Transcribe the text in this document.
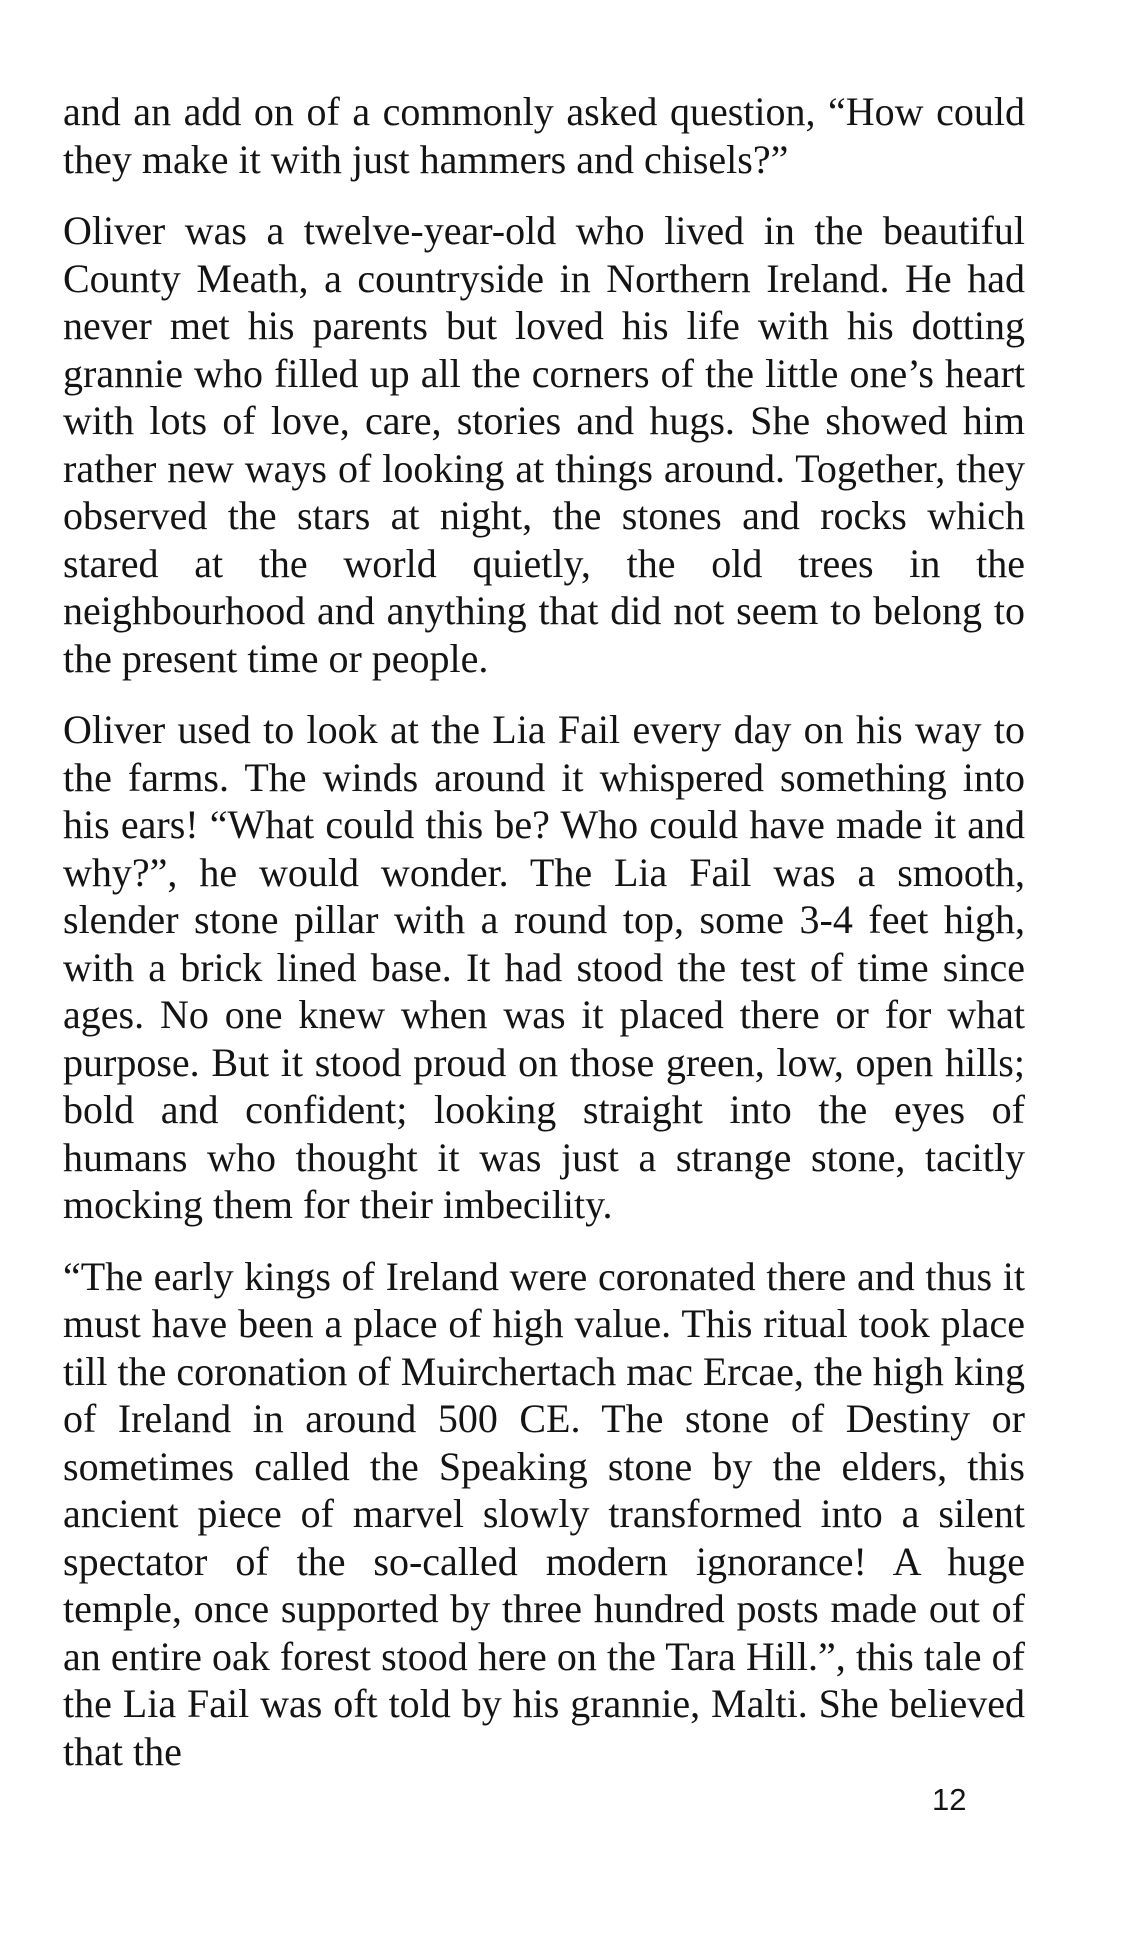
and an add on of a commonly asked question, “How could they make it with just hammers and chisels?”

Oliver was a twelve-year-old who lived in the beautiful County Meath, a countryside in Northern Ireland. He had never met his parents but loved his life with his dotting grannie who filled up all the corners of the little one’s heart with lots of love, care, stories and hugs. She showed him rather new ways of looking at things around. Together, they observed the stars at night, the stones and rocks which stared at the world quietly, the old trees in the neighbourhood and anything that did not seem to belong to the present time or people.

Oliver used to look at the Lia Fail every day on his way to the farms. The winds around it whispered something into his ears! “What could this be? Who could have made it and why?”, he would wonder. The Lia Fail was a smooth, slender stone pillar with a round top, some 3-4 feet high, with a brick lined base. It had stood the test of time since ages. No one knew when was it placed there or for what purpose. But it stood proud on those green, low, open hills; bold and confident; looking straight into the eyes of humans who thought it was just a strange stone, tacitly mocking them for their imbecility.

“The early kings of Ireland were coronated there and thus it must have been a place of high value. This ritual took place till the coronation of Muirchertach mac Ercae, the high king of Ireland in around 500 CE. The stone of Destiny or sometimes called the Speaking stone by the elders, this ancient piece of marvel slowly transformed into a silent spectator of the so-called modern ignorance! A huge temple, once supported by three hundred posts made out of an entire oak forest stood here on the Tara Hill.”, this tale of the Lia Fail was oft told by his grannie, Malti. She believed that the

12
